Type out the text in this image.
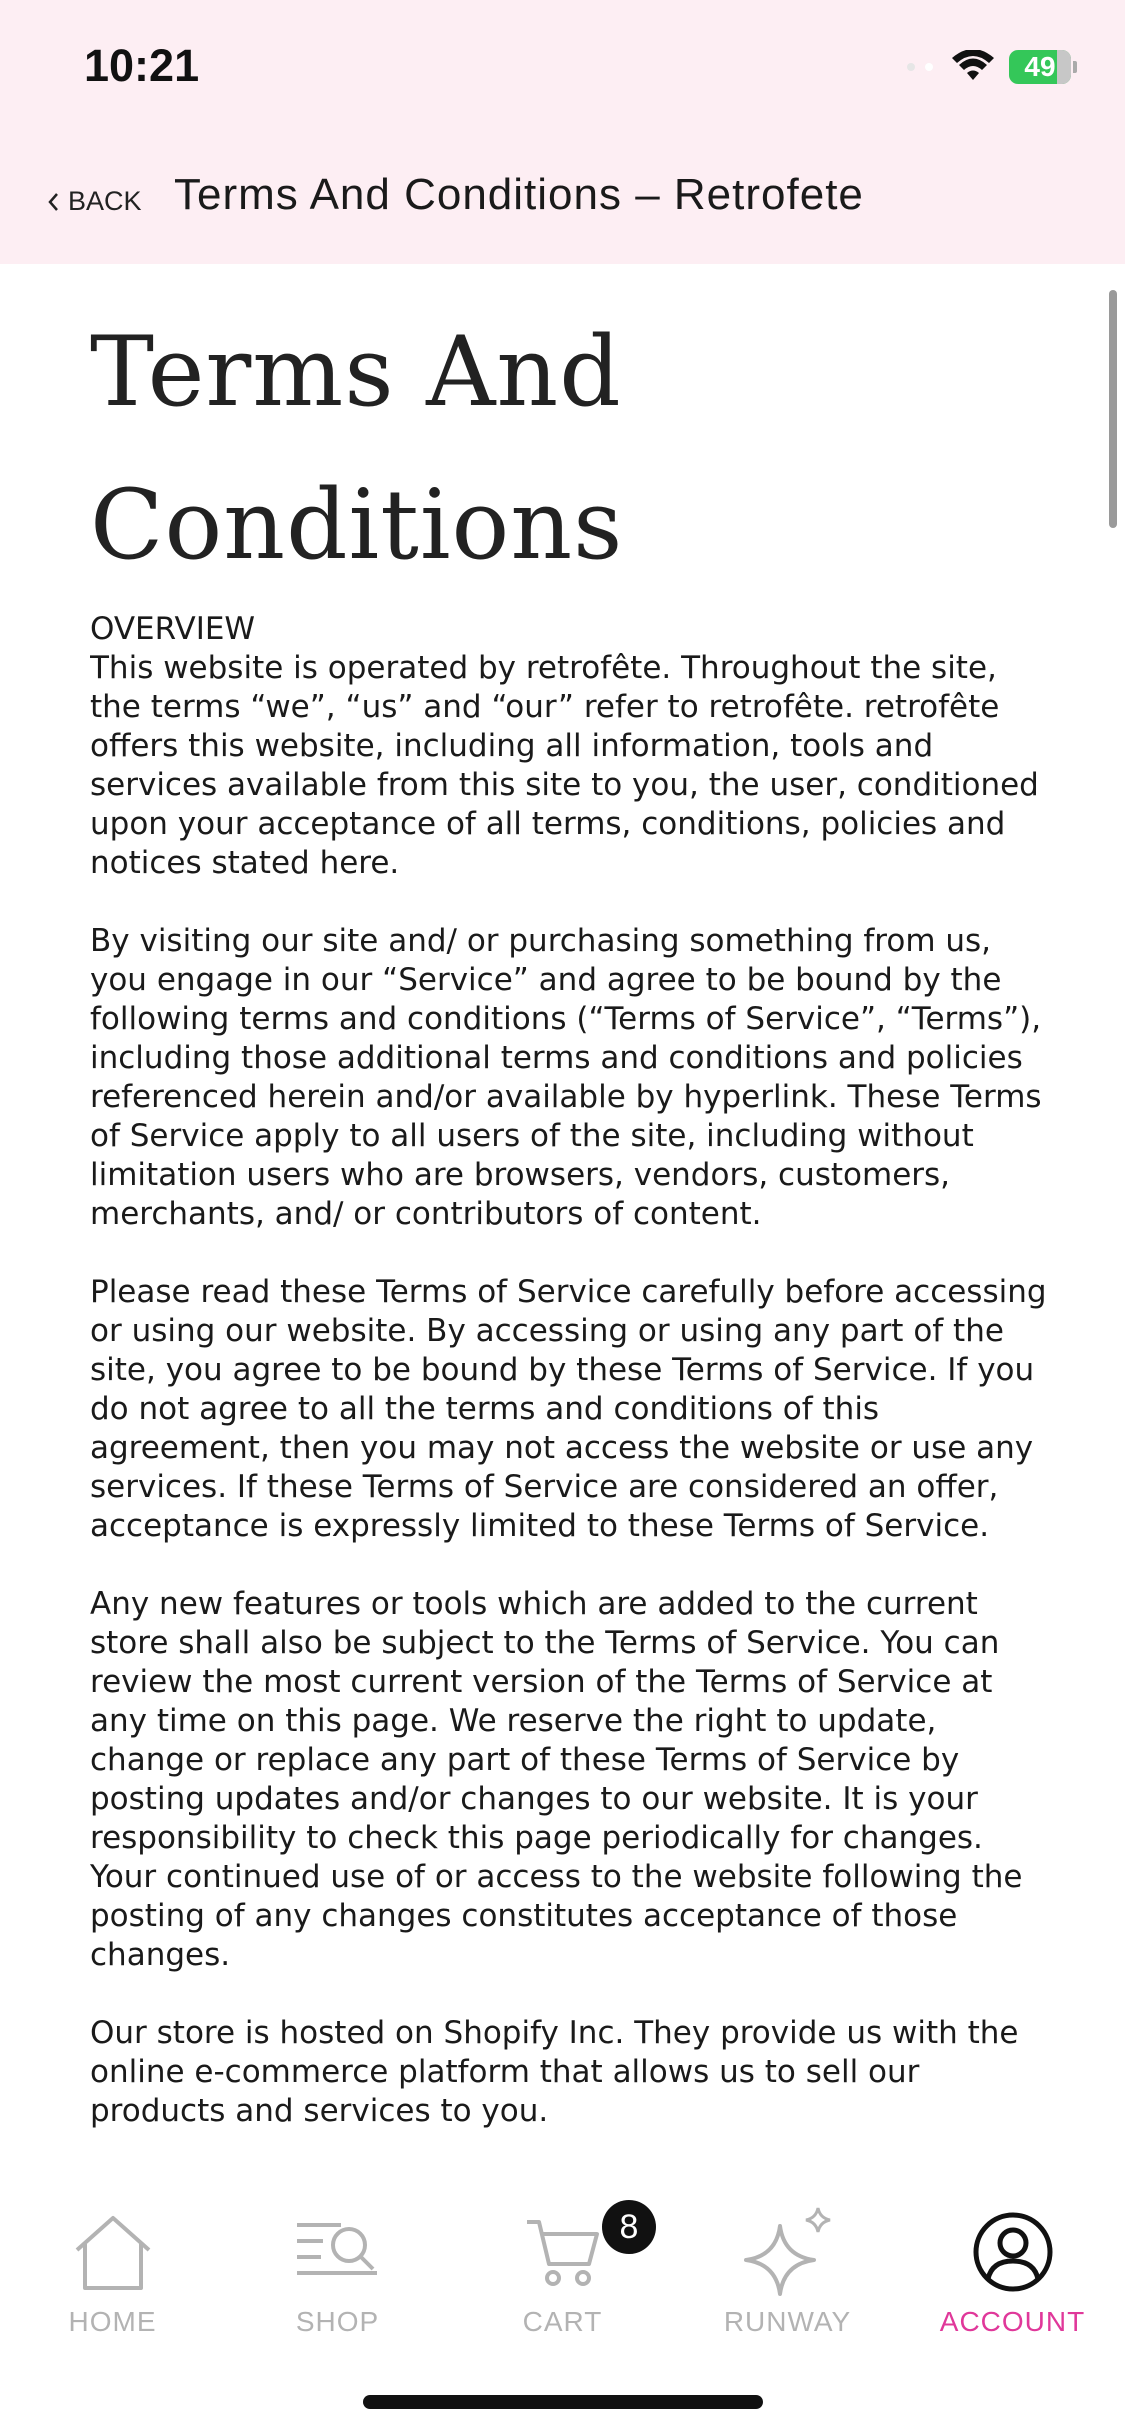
10:21	49
BACK Terms And Conditions – Retrofete
Terms And Conditions
OVERVIEW

This website is operated by retrofête. Throughout the site, the terms “we”, “us” and “our” refer to retrofête. retrofête offers this website, including all information, tools and services available from this site to you, the user, conditioned upon your acceptance of all terms, conditions, policies and notices stated here.

By visiting our site and/ or purchasing something from us, you engage in our “Service” and agree to be bound by the following terms and conditions (“Terms of Service”, “Terms”), including those additional terms and conditions and policies referenced herein and/or available by hyperlink. These Terms of Service apply to all users of the site, including without limitation users who are browsers, vendors, customers, merchants, and/ or contributors of content.

Please read these Terms of Service carefully before accessing or using our website. By accessing or using any part of the site, you agree to be bound by these Terms of Service. If you do not agree to all the terms and conditions of this agreement, then you may not access the website or use any services. If these Terms of Service are considered an offer, acceptance is expressly limited to these Terms of Service.

Any new features or tools which are added to the current store shall also be subject to the Terms of Service. You can review the most current version of the Terms of Service at any time on this page. We reserve the right to update, change or replace any part of these Terms of Service by posting updates and/or changes to our website. It is your responsibility to check this page periodically for changes. Your continued use of or access to the website following the posting of any changes constitutes acceptance of those changes.

Our store is hosted on Shopify Inc. They provide us with the online e-commerce platform that allows us to sell our products and services to you.

HOME	SHOP	CART
8
RUNWAY	ACCOUNT
